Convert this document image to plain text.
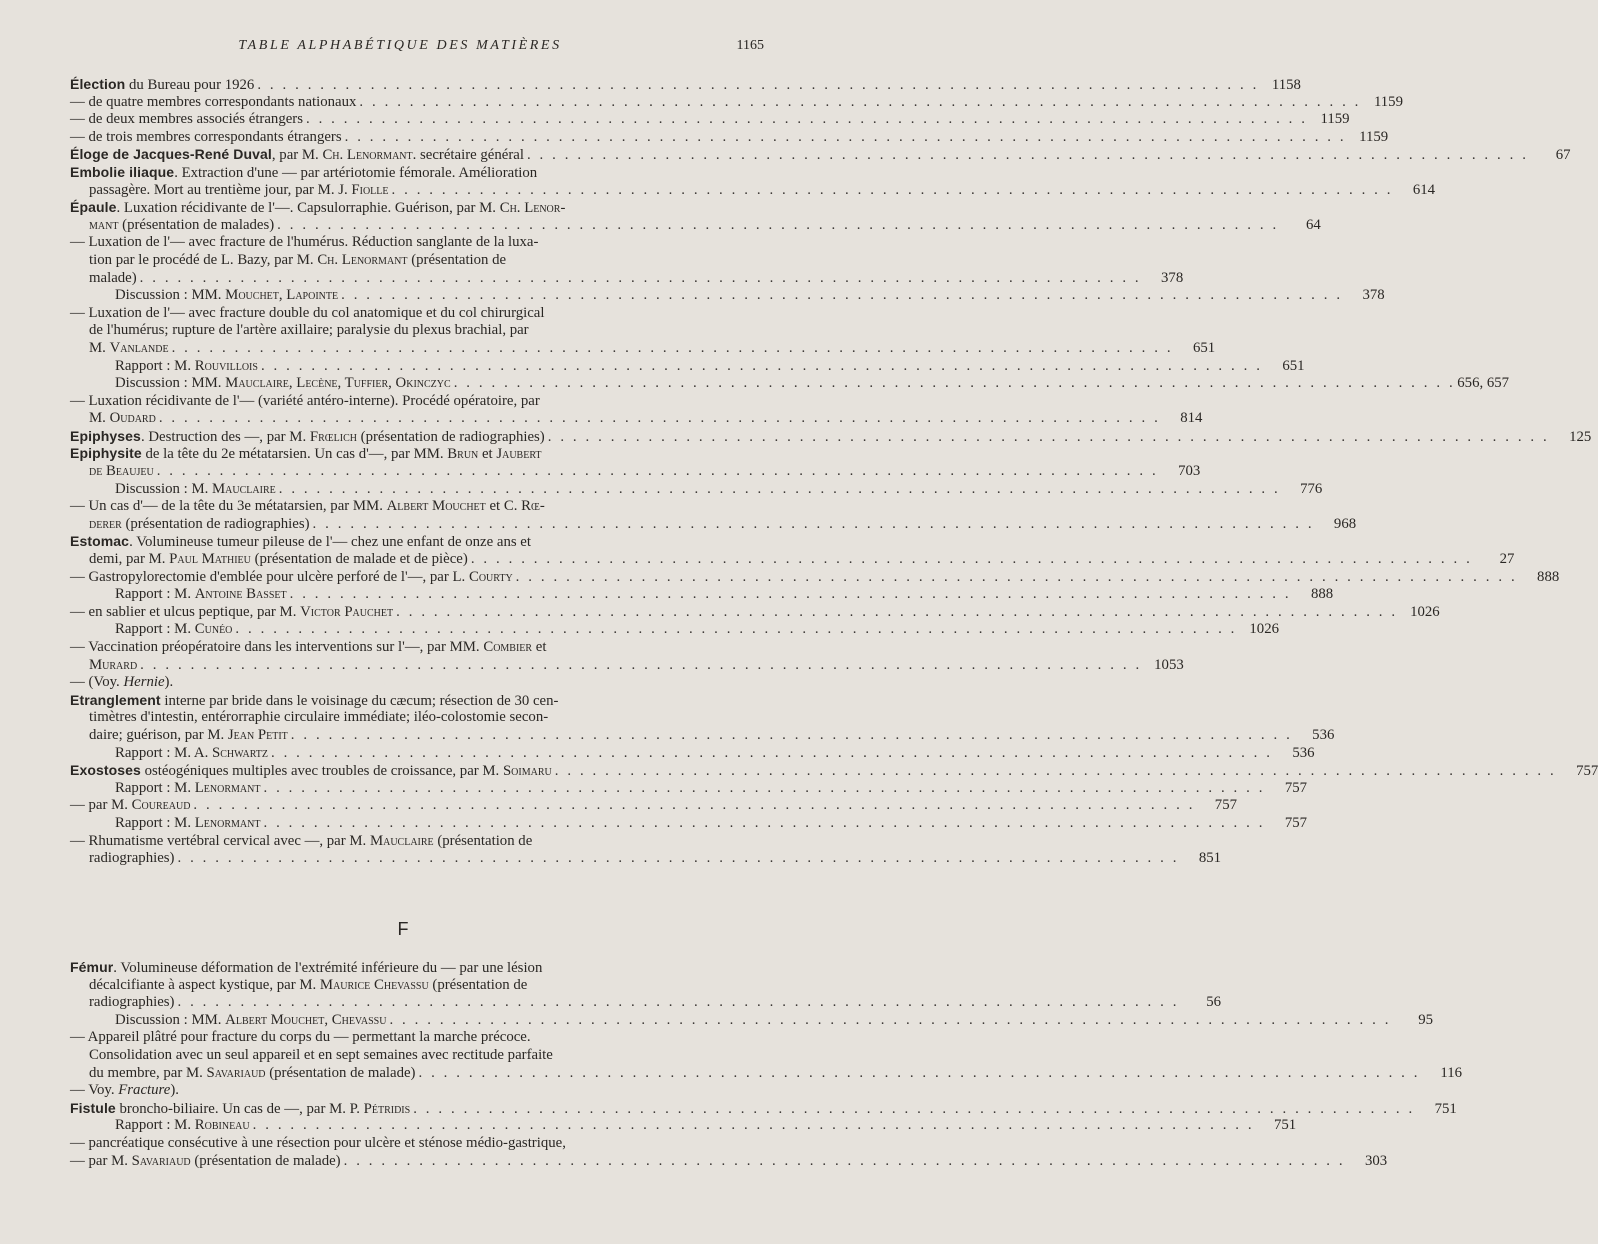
TABLE ALPHABÉTIQUE DES MATIÈRES	1165
Élection du Bureau pour 1926 . . . . . . . . . . . . . . . . . . . . . . . . . . . . . . . . . . . . . . . . . . . . . . . . . . . . . . . . . . . . . . . . . . . . . . . . . . . . . . . . 1158
— de quatre membres correspondants nationaux . . . . . . . . . . . . . . . . . . . . . . . . . . . . . . . . . . . . . . . . . . . . . . . . . . . . . . . . . . . . . . . . . . . . . . . . . . . . . . . . 1159
— de deux membres associés étrangers . . . . . . . . . . . . . . . . . . . . . . . . . . . . . . . . . . . . . . . . . . . . . . . . . . . . . . . . . . . . . . . . . . . . . . . . . . . . . . . . 1159
— de trois membres correspondants étrangers . . . . . . . . . . . . . . . . . . . . . . . . . . . . . . . . . . . . . . . . . . . . . . . . . . . . . . . . . . . . . . . . . . . . . . . . . . . . . . . . 1159
Éloge de Jacques-René Duval, par M. Ch. Lenormant. secrétaire général . . . . . . . . . . . . . . . . . . . . . . . . . . . . . . . . . . . . . . . . . . . . . . . . . . . . . . . . . . . . . . . . . . . . . . . . . . . . . . . .	67
Embolie iliaque. Extraction d'une — par artériotomie fémorale. Amélioration
passagère. Mort au trentième jour, par M. J. Fiolle . . . . . . . . . . . . . . . . . . . . . . . . . . . . . . . . . . . . . . . . . . . . . . . . . . . . . . . . . . . . . . . . . . . . . . . . . . . . . . . .	614
Épaule. Luxation récidivante de l'—. Capsulorraphie. Guérison, par M. Ch. Lenor-
mant (présentation de malades) . . . . . . . . . . . . . . . . . . . . . . . . . . . . . . . . . . . . . . . . . . . . . . . . . . . . . . . . . . . . . . . . . . . . . . . . . . . . . . . .	64
— Luxation de l'— avec fracture de l'humérus. Réduction sanglante de la luxa-
tion par le procédé de L. Bazy, par M. Ch. Lenormant (présentation de
malade) . . . . . . . . . . . . . . . . . . . . . . . . . . . . . . . . . . . . . . . . . . . . . . . . . . . . . . . . . . . . . . . . . . . . . . . . . . . . . . . .	378
Discussion : MM. Mouchet, Lapointe . . . . . . . . . . . . . . . . . . . . . . . . . . . . . . . . . . . . . . . . . . . . . . . . . . . . . . . . . . . . . . . . . . . . . . . . . . . . . . . .	378
— Luxation de l'— avec fracture double du col anatomique et du col chirurgical
de l'humérus; rupture de l'artère axillaire; paralysie du plexus brachial, par
M. Vanlande . . . . . . . . . . . . . . . . . . . . . . . . . . . . . . . . . . . . . . . . . . . . . . . . . . . . . . . . . . . . . . . . . . . . . . . . . . . . . . . .	651
Rapport : M. Rouvillois . . . . . . . . . . . . . . . . . . . . . . . . . . . . . . . . . . . . . . . . . . . . . . . . . . . . . . . . . . . . . . . . . . . . . . . . . . . . . . . .	651
Discussion : MM. Mauclaire, Lecène, Tuffier, Okinczyc . . . . . . . . . . . . . . . . . . . . . . . . . . . . . . . . . . . . . . . . . . . . . . . . . . . . . . . . . . . . . . . . . . . . . . . . . . . . . . . . 656, 657
— Luxation récidivante de l'— (variété antéro-interne). Procédé opératoire, par
M. Oudard . . . . . . . . . . . . . . . . . . . . . . . . . . . . . . . . . . . . . . . . . . . . . . . . . . . . . . . . . . . . . . . . . . . . . . . . . . . . . . . .	814
Epiphyses. Destruction des —, par M. Frœlich (présentation de radiographies) . . . . . . . . . . . . . . . . . . . . . . . . . . . . . . . . . . . . . . . . . . . . . . . . . . . . . . . . . . . . . . . . . . . . . . . . . . . . . . . .	125
Epiphysite de la tête du 2e métatarsien. Un cas d'—, par MM. Brun et Jaubert
de Beaujeu . . . . . . . . . . . . . . . . . . . . . . . . . . . . . . . . . . . . . . . . . . . . . . . . . . . . . . . . . . . . . . . . . . . . . . . . . . . . . . . .	703
Discussion : M. Mauclaire . . . . . . . . . . . . . . . . . . . . . . . . . . . . . . . . . . . . . . . . . . . . . . . . . . . . . . . . . . . . . . . . . . . . . . . . . . . . . . . .	776
— Un cas d'— de la tête du 3e métatarsien, par MM. Albert Mouchet et C. Rœ-
derer (présentation de radiographies) . . . . . . . . . . . . . . . . . . . . . . . . . . . . . . . . . . . . . . . . . . . . . . . . . . . . . . . . . . . . . . . . . . . . . . . . . . . . . . . .	968
Estomac. Volumineuse tumeur pileuse de l'— chez une enfant de onze ans et
demi, par M. Paul Mathieu (présentation de malade et de pièce) . . . . . . . . . . . . . . . . . . . . . . . . . . . . . . . . . . . . . . . . . . . . . . . . . . . . . . . . . . . . . . . . . . . . . . . . . . . . . . . .	27
— Gastropylorectomie d'emblée pour ulcère perforé de l'—, par L. Courty . . . . . . . . . . . . . . . . . . . . . . . . . . . . . . . . . . . . . . . . . . . . . . . . . . . . . . . . . . . . . . . . . . . . . . . . . . . . . . . .	888
Rapport : M. Antoine Basset . . . . . . . . . . . . . . . . . . . . . . . . . . . . . . . . . . . . . . . . . . . . . . . . . . . . . . . . . . . . . . . . . . . . . . . . . . . . . . . .	888
— en sablier et ulcus peptique, par M. Victor Pauchet . . . . . . . . . . . . . . . . . . . . . . . . . . . . . . . . . . . . . . . . . . . . . . . . . . . . . . . . . . . . . . . . . . . . . . . . . . . . . . . . 1026
Rapport : M. Cunéo . . . . . . . . . . . . . . . . . . . . . . . . . . . . . . . . . . . . . . . . . . . . . . . . . . . . . . . . . . . . . . . . . . . . . . . . . . . . . . . . 1026
— Vaccination préopératoire dans les interventions sur l'—, par MM. Combier et
Murard . . . . . . . . . . . . . . . . . . . . . . . . . . . . . . . . . . . . . . . . . . . . . . . . . . . . . . . . . . . . . . . . . . . . . . . . . . . . . . . . 1053
— (Voy. Hernie).
Etranglement interne par bride dans le voisinage du cæcum; résection de 30 cen-
timètres d'intestin, entérorraphie circulaire immédiate; iléo-colostomie secon-
daire; guérison, par M. Jean Petit . . . . . . . . . . . . . . . . . . . . . . . . . . . . . . . . . . . . . . . . . . . . . . . . . . . . . . . . . . . . . . . . . . . . . . . . . . . . . . . .	536
Rapport : M. A. Schwartz . . . . . . . . . . . . . . . . . . . . . . . . . . . . . . . . . . . . . . . . . . . . . . . . . . . . . . . . . . . . . . . . . . . . . . . . . . . . . . . .	536
Exostoses ostéogéniques multiples avec troubles de croissance, par M. Soimaru . . . . . . . . . . . . . . . . . . . . . . . . . . . . . . . . . . . . . . . . . . . . . . . . . . . . . . . . . . . . . . . . . . . . . . . . . . . . . . . .	757
Rapport : M. Lenormant . . . . . . . . . . . . . . . . . . . . . . . . . . . . . . . . . . . . . . . . . . . . . . . . . . . . . . . . . . . . . . . . . . . . . . . . . . . . . . . .	757
— par M. Coureaud . . . . . . . . . . . . . . . . . . . . . . . . . . . . . . . . . . . . . . . . . . . . . . . . . . . . . . . . . . . . . . . . . . . . . . . . . . . . . . . .	757
Rapport : M. Lenormant . . . . . . . . . . . . . . . . . . . . . . . . . . . . . . . . . . . . . . . . . . . . . . . . . . . . . . . . . . . . . . . . . . . . . . . . . . . . . . . .	757
— Rhumatisme vertébral cervical avec —, par M. Mauclaire (présentation de
radiographies) . . . . . . . . . . . . . . . . . . . . . . . . . . . . . . . . . . . . . . . . . . . . . . . . . . . . . . . . . . . . . . . . . . . . . . . . . . . . . . . .	851
F
Fémur. Volumineuse déformation de l'extrémité inférieure du — par une lésion
décalcifiante à aspect kystique, par M. Maurice Chevassu (présentation de
radiographies) . . . . . . . . . . . . . . . . . . . . . . . . . . . . . . . . . . . . . . . . . . . . . . . . . . . . . . . . . . . . . . . . . . . . . . . . . . . . . . . .	56
Discussion : MM. Albert Mouchet, Chevassu . . . . . . . . . . . . . . . . . . . . . . . . . . . . . . . . . . . . . . . . . . . . . . . . . . . . . . . . . . . . . . . . . . . . . . . . . . . . . . . .	95
— Appareil plâtré pour fracture du corps du — permettant la marche précoce.
Consolidation avec un seul appareil et en sept semaines avec rectitude parfaite
du membre, par M. Savariaud (présentation de malade) . . . . . . . . . . . . . . . . . . . . . . . . . . . . . . . . . . . . . . . . . . . . . . . . . . . . . . . . . . . . . . . . . . . . . . . . . . . . . . . .	116
— Voy. Fracture).
Fistule broncho-biliaire. Un cas de —, par M. P. Pétridis . . . . . . . . . . . . . . . . . . . . . . . . . . . . . . . . . . . . . . . . . . . . . . . . . . . . . . . . . . . . . . . . . . . . . . . . . . . . . . . .	751
Rapport : M. Robineau . . . . . . . . . . . . . . . . . . . . . . . . . . . . . . . . . . . . . . . . . . . . . . . . . . . . . . . . . . . . . . . . . . . . . . . . . . . . . . . .	751
— pancréatique consécutive à une résection pour ulcère et sténose médio-gastrique,
— par M. Savariaud (présentation de malade) . . . . . . . . . . . . . . . . . . . . . . . . . . . . . . . . . . . . . . . . . . . . . . . . . . . . . . . . . . . . . . . . . . . . . . . . . . . . . . . .	303
